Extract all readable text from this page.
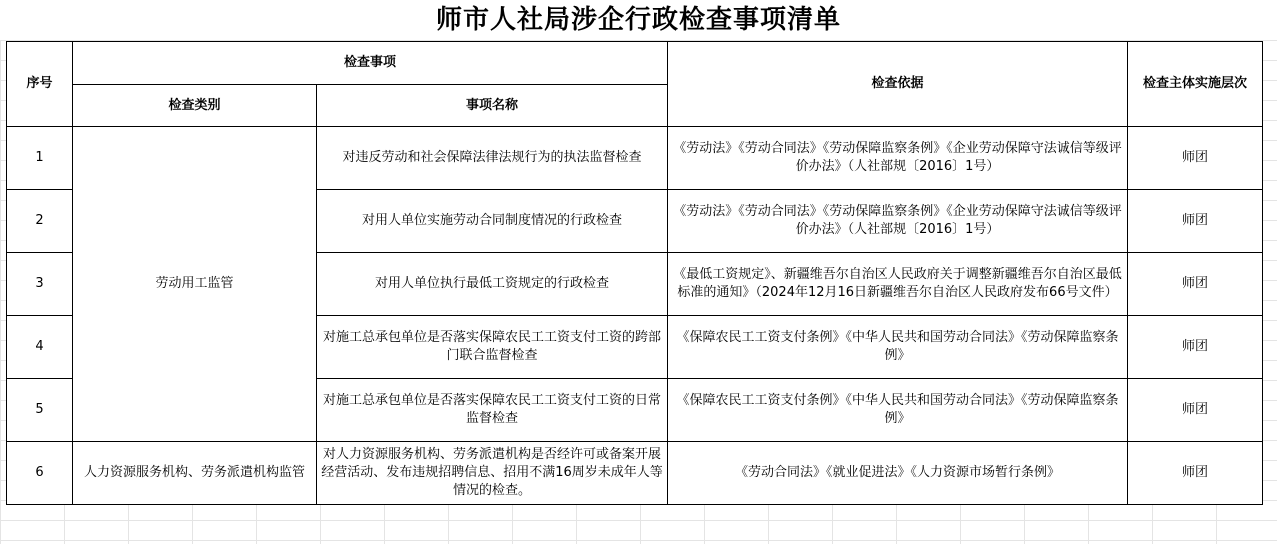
师市人社局涉企行政检查事项清单
序号	检查事项		检查依据	检查主体实施层次
	检查类别	事项名称		
1	劳动用工监管	对违反劳动和社会保障法律法规行为的执法监督检查	《劳动法》《劳动合同法》《劳动保障监察条例》《企业劳动保障守法诚信等级评价办法》（人社部规〔2016〕1号）	师团
2		对用人单位实施劳动合同制度情况的行政检查	《劳动法》《劳动合同法》《劳动保障监察条例》《企业劳动保障守法诚信等级评价办法》（人社部规〔2016〕1号）	师团
3		对用人单位执行最低工资规定的行政检查	《最低工资规定》、新疆维吾尔自治区人民政府关于调整新疆维吾尔自治区最低标准的通知》（2024年12月16日新疆维吾尔自治区人民政府发布66号文件）	师团
4		对施工总承包单位是否落实保障农民工工资支付工资的跨部门联合监督检查	《保障农民工工资支付条例》《中华人民共和国劳动合同法》《劳动保障监察条例》	师团
5		对施工总承包单位是否落实保障农民工工资支付工资的日常监督检查	《保障农民工工资支付条例》《中华人民共和国劳动合同法》《劳动保障监察条例》	师团
6	人力资源服务机构、劳务派遣机构监管	对人力资源服务机构、劳务派遣机构是否经许可或备案开展经营活动、发布违规招聘信息、招用不满16周岁未成年人等情况的检查。	《劳动合同法》《就业促进法》《人力资源市场暂行条例》	师团
